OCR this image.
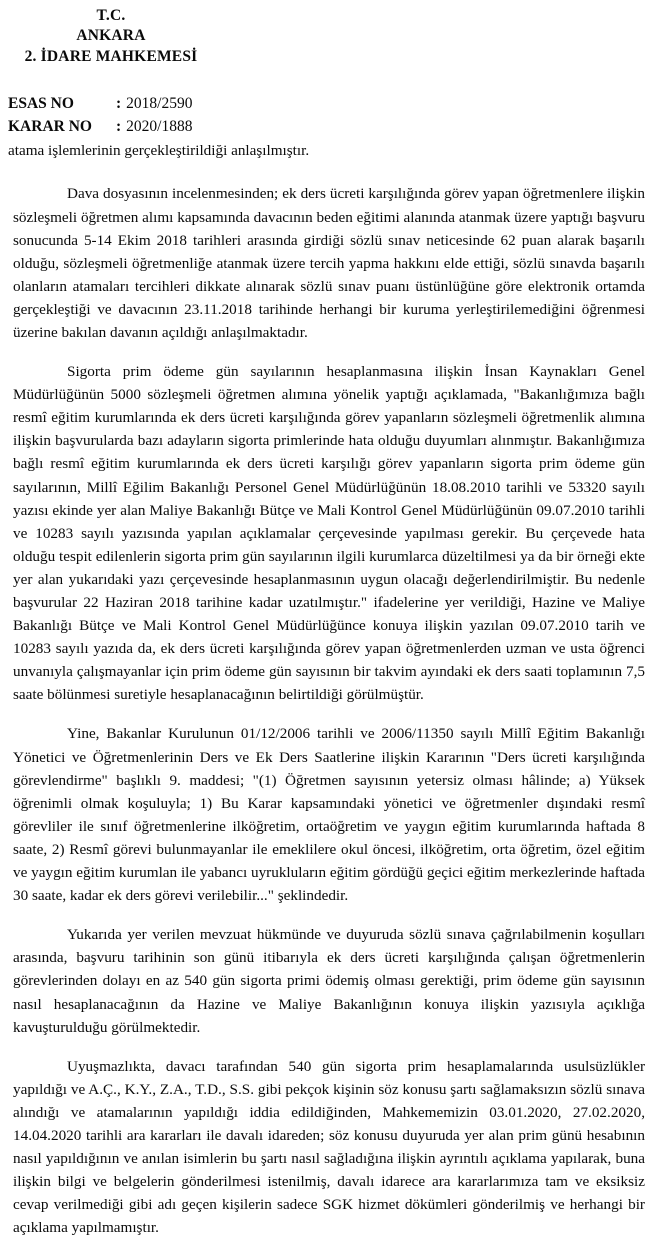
T.C.
ANKARA
2. İDARE MAHKEMESİ
ESAS NO	: 2018/2590
KARAR NO	: 2020/1888
atama işlemlerinin gerçekleştirildiği anlaşılmıştır.

Dava dosyasının incelenmesinden; ek ders ücreti karşılığında görev yapan öğretmenlere ilişkin sözleşmeli öğretmen alımı kapsamında davacının beden eğitimi alanında atanmak üzere yaptığı başvuru sonucunda 5-14 Ekim 2018 tarihleri arasında girdiği sözlü sınav neticesinde 62 puan alarak başarılı olduğu, sözleşmeli öğretmenliğe atanmak üzere tercih yapma hakkını elde ettiği, sözlü sınavda başarılı olanların atamaları tercihleri dikkate alınarak sözlü sınav puanı üstünlüğüne göre elektronik ortamda gerçekleştiği ve davacının 23.11.2018 tarihinde herhangi bir kuruma yerleştirilemediğini öğrenmesi üzerine bakılan davanın açıldığı anlaşılmaktadır.

Sigorta prim ödeme gün sayılarının hesaplanmasına ilişkin İnsan Kaynakları Genel Müdürlüğünün 5000 sözleşmeli öğretmen alımına yönelik yaptığı açıklamada, "Bakanlığımıza bağlı resmî eğitim kurumlarında ek ders ücreti karşılığında görev yapanların sözleşmeli öğretmenlik alımına ilişkin başvurularda bazı adayların sigorta primlerinde hata olduğu duyumları alınmıştır. Bakanlığımıza bağlı resmî eğitim kurumlarında ek ders ücreti karşılığı görev yapanların sigorta prim ödeme gün sayılarının, Millî Eğilim Bakanlığı Personel Genel Müdürlüğünün 18.08.2010 tarihli ve 53320 sayılı yazısı ekinde yer alan Maliye Bakanlığı Bütçe ve Mali Kontrol Genel Müdürlüğünün 09.07.2010 tarihli ve 10283 sayılı yazısında yapılan açıklamalar çerçevesinde yapılması gerekir. Bu çerçevede hata olduğu tespit edilenlerin sigorta prim gün sayılarının ilgili kurumlarca düzeltilmesi ya da bir örneği ekte yer alan yukarıdaki yazı çerçevesinde hesaplanmasının uygun olacağı değerlendirilmiştir. Bu nedenle başvurular 22 Haziran 2018 tarihine kadar uzatılmıştır." ifadelerine yer verildiği, Hazine ve Maliye Bakanlığı Bütçe ve Mali Kontrol Genel Müdürlüğünce konuya ilişkin yazılan 09.07.2010 tarih ve 10283 sayılı yazıda da, ek ders ücreti karşılığında görev yapan öğretmenlerden uzman ve usta öğrenci unvanıyla çalışmayanlar için prim ödeme gün sayısının bir takvim ayındaki ek ders saati toplamının 7,5 saate bölünmesi suretiyle hesaplanacağının belirtildiği görülmüştür.

Yine, Bakanlar Kurulunun 01/12/2006 tarihli ve 2006/11350 sayılı Millî Eğitim Bakanlığı Yönetici ve Öğretmenlerinin Ders ve Ek Ders Saatlerine ilişkin Kararının "Ders ücreti karşılığında görevlendirme" başlıklı 9. maddesi; "(1) Öğretmen sayısının yetersiz olması hâlinde; a) Yüksek öğrenimli olmak koşuluyla; 1) Bu Karar kapsamındaki yönetici ve öğretmenler dışındaki resmî görevliler ile sınıf öğretmenlerine ilköğretim, ortaöğretim ve yaygın eğitim kurumlarında haftada 8 saate, 2) Resmî görevi bulunmayanlar ile emeklilere okul öncesi, ilköğretim, orta öğretim, özel eğitim ve yaygın eğitim kurumlan ile yabancı uyrukluların eğitim gördüğü geçici eğitim merkezlerinde haftada 30 saate, kadar ek ders görevi verilebilir..." şeklindedir.

Yukarıda yer verilen mevzuat hükmünde ve duyuruda sözlü sınava çağrılabilmenin koşulları arasında, başvuru tarihinin son günü itibarıyla ek ders ücreti karşılığında çalışan öğretmenlerin görevlerinden dolayı en az 540 gün sigorta primi ödemiş olması gerektiği, prim ödeme gün sayısının nasıl hesaplanacağının da Hazine ve Maliye Bakanlığının konuya ilişkin yazısıyla açıklığa kavuşturulduğu görülmektedir.

Uyuşmazlıkta, davacı tarafından 540 gün sigorta prim hesaplamalarında usulsüzlükler yapıldığı ve A.Ç., K.Y., Z.A., T.D., S.S. gibi pekçok kişinin söz konusu şartı sağlamaksızın sözlü sınava alındığı ve atamalarının yapıldığı iddia edildiğinden, Mahkememizin 03.01.2020, 27.02.2020, 14.04.2020 tarihli ara kararları ile davalı idareden; söz konusu duyuruda yer alan prim günü hesabının nasıl yapıldığının ve anılan isimlerin bu şartı nasıl sağladığına ilişkin ayrıntılı açıklama yapılarak, buna ilişkin bilgi ve belgelerin gönderilmesi istenilmiş, davalı idarece ara kararlarımıza tam ve eksiksiz cevap verilmediği gibi adı geçen kişilerin sadece SGK hizmet dökümleri gönderilmiş ve herhangi bir açıklama yapılmamıştır.
